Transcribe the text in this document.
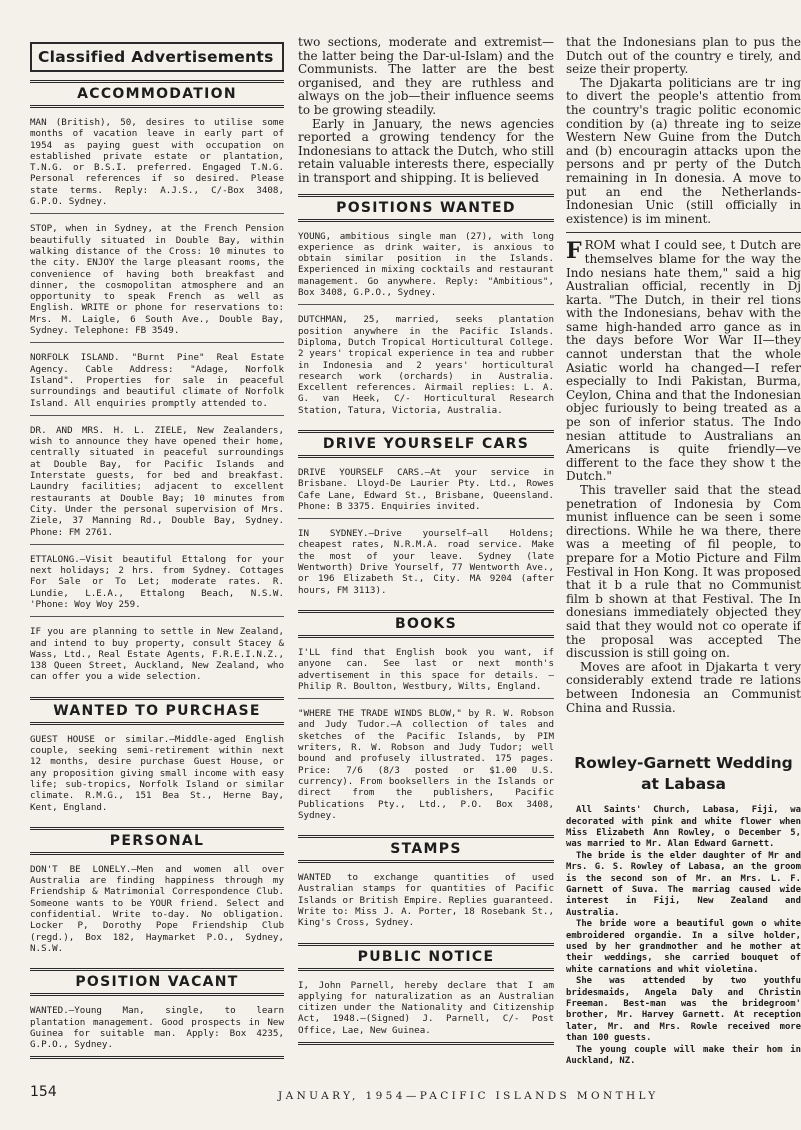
Classified Advertisements
ACCOMMODATION
MAN (British), 50, desires to utilise some months of vacation leave in early part of 1954 as paying guest with occupation on established private estate or plantation, T.N.G. or B.S.I. preferred. Engaged T.N.G. Personal references if so desired. Please state terms. Reply: A.J.S., C/-Box 3408, G.P.O. Sydney.
STOP, when in Sydney, at the French Pension beautifully situated in Double Bay, within walking distance of the Cross: 10 minutes to the city. ENJOY the large pleasant rooms, the convenience of having both breakfast and dinner, the cosmopolitan atmosphere and an opportunity to speak French as well as English. WRITE or phone for reservations to: Mrs. M. Laigle, 6 South Ave., Double Bay, Sydney. Telephone: FB 3549.
NORFOLK ISLAND. "Burnt Pine" Real Estate Agency. Cable Address: "Adage, Norfolk Island". Properties for sale in peaceful surroundings and beautiful climate of Norfolk Island. All enquiries promptly attended to.
DR. AND MRS. H. L. ZIELE, New Zealanders, wish to announce they have opened their home, centrally situated in peaceful surroundings at Double Bay, for Pacific Islands and Interstate guests, for bed and breakfast. Laundry facilities; adjacent to excellent restaurants at Double Bay; 10 minutes from City. Under the personal supervision of Mrs. Ziele, 37 Manning Rd., Double Bay, Sydney. Phone: FM 2761.
ETTALONG.—Visit beautiful Ettalong for your next holidays; 2 hrs. from Sydney. Cottages For Sale or To Let; moderate rates. R. Lundie, L.E.A., Ettalong Beach, N.S.W. 'Phone: Woy Woy 259.
IF you are planning to settle in New Zealand, and intend to buy property, consult Stacey & Wass, Ltd., Real Estate Agents, F.R.E.I.N.Z., 138 Queen Street, Auckland, New Zealand, who can offer you a wide selection.
WANTED TO PURCHASE
GUEST HOUSE or similar.—Middle-aged English couple, seeking semi-retirement within next 12 months, desire purchase Guest House, or any proposition giving small income with easy life; sub-tropics, Norfolk Island or similar climate. R.M.G., 151 Bea St., Herne Bay, Kent, England.
PERSONAL
DON'T BE LONELY.—Men and women all over Australia are finding happiness through my Friendship & Matrimonial Correspondence Club. Someone wants to be YOUR friend. Select and confidential. Write to-day. No obligation. Locker P, Dorothy Pope Friendship Club (regd.), Box 182, Haymarket P.O., Sydney, N.S.W.
POSITION VACANT
WANTED.—Young Man, single, to learn plantation management. Good prospects in New Guinea for suitable man. Apply: Box 4235, G.P.O., Sydney.

two sections, moderate and extremist—the latter being the Dar-ul-Islam) and the Communists. The latter are the best organised, and they are ruthless and always on the job—their influence seems to be growing steadily.

Early in January, the news agencies reported a growing tendency for the Indonesians to attack the Dutch, who still retain valuable interests there, especially in transport and shipping. It is believed

POSITIONS WANTED
YOUNG, ambitious single man (27), with long experience as drink waiter, is anxious to obtain similar position in the Islands. Experienced in mixing cocktails and restaurant management. Go anywhere. Reply: "Ambitious", Box 3408, G.P.O., Sydney.
DUTCHMAN, 25, married, seeks plantation position anywhere in the Pacific Islands. Diploma, Dutch Tropical Horticultural College. 2 years' tropical experience in tea and rubber in Indonesia and 2 years' horticultural research work (orchards) in Australia. Excellent references. Airmail replies: L. A. G. van Heek, C/- Horticultural Research Station, Tatura, Victoria, Australia.
DRIVE YOURSELF CARS
DRIVE YOURSELF CARS.—At your service in Brisbane. Lloyd-De Laurier Pty. Ltd., Rowes Cafe Lane, Edward St., Brisbane, Queensland. Phone: B 3375. Enquiries invited.
IN SYDNEY.—Drive yourself—all Holdens; cheapest rates, N.R.M.A. road service. Make the most of your leave. Sydney (late Wentworth) Drive Yourself, 77 Wentworth Ave., or 196 Elizabeth St., City. MA 9204 (after hours, FM 3113).
BOOKS
I'LL find that English book you want, if anyone can. See last or next month's advertisement in this space for details. —Philip R. Boulton, Westbury, Wilts, England.
"WHERE THE TRADE WINDS BLOW," by R. W. Robson and Judy Tudor.—A collection of tales and sketches of the Pacific Islands, by PIM writers, R. W. Robson and Judy Tudor; well bound and profusely illustrated. 175 pages. Price: 7/6 (8/3 posted or $1.00 U.S. currency). From booksellers in the Islands or direct from the publishers, Pacific Publications Pty., Ltd., P.O. Box 3408, Sydney.
STAMPS
WANTED to exchange quantities of used Australian stamps for quantities of Pacific Islands or British Empire. Replies guaranteed. Write to: Miss J. A. Porter, 18 Rosebank St., King's Cross, Sydney.
PUBLIC NOTICE
I, John Parnell, hereby declare that I am applying for naturalization as an Australian citizen under the Nationality and Citizenship Act, 1948.—(Signed) J. Parnell, C/- Post Office, Lae, New Guinea.

that the Indonesians plan to pus the Dutch out of the country e tirely, and seize their property.

The Djakarta politicians are tr ing to divert the people's attentio from the country's tragic politic economic condition by (a) threate ing to seize Western New Guine from the Dutch and (b) encouragin attacks upon the persons and pr perty of the Dutch remaining in In donesia. A move to put an end the Netherlands-Indonesian Unic (still officially in existence) is im minent.

FROM what I could see, t Dutch are themselves blame for the way the Indo nesians hate them," said a hig Australian official, recently in Dj karta. "The Dutch, in their rel tions with the Indonesians, behav with the same high-handed arro gance as in the days before Wor War II—they cannot understan that the whole Asiatic world ha changed—I refer especially to Indi Pakistan, Burma, Ceylon, China and that the Indonesian objec furiously to being treated as a pe son of inferior status. The Indo nesian attitude to Australians an Americans is quite friendly—ve different to the face they show t the Dutch."

This traveller said that the stead penetration of Indonesia by Com munist influence can be seen i some directions. While he wa there, there was a meeting of fil people, to prepare for a Motio Picture and Film Festival in Hon Kong. It was proposed that it b a rule that no Communist film b shown at that Festival. The In donesians immediately objected they said that they would not co operate if the proposal was accepted The discussion is still going on.

Moves are afoot in Djakarta t very considerably extend trade re lations between Indonesia an Communist China and Russia.

Rowley-Garnett Wedding at Labasa

All Saints' Church, Labasa, Fiji, wa decorated with pink and white flower when Miss Elizabeth Ann Rowley, o December 5, was married to Mr. Alan Edward Garnett.

The bride is the elder daughter of Mr and Mrs. G. S. Rowley of Labasa, an the groom is the second son of Mr. an Mrs. L. F. Garnett of Suva. The marriag caused wide interest in Fiji, New Zealand and Australia.

The bride wore a beautiful gown o white embroidered organdie. In a silve holder, used by her grandmother and he mother at their weddings, she carried bouquet of white carnations and whit violetina.

She was attended by two youthfu bridesmaids, Angela Daly and Christin Freeman. Best-man was the bridegroom' brother, Mr. Harvey Garnett. At reception later, Mr. and Mrs. Rowle received more than 100 guests.

The young couple will make their hom in Auckland, NZ.

154	JANUARY, 1954—PACIFIC ISLANDS MONTHLY
